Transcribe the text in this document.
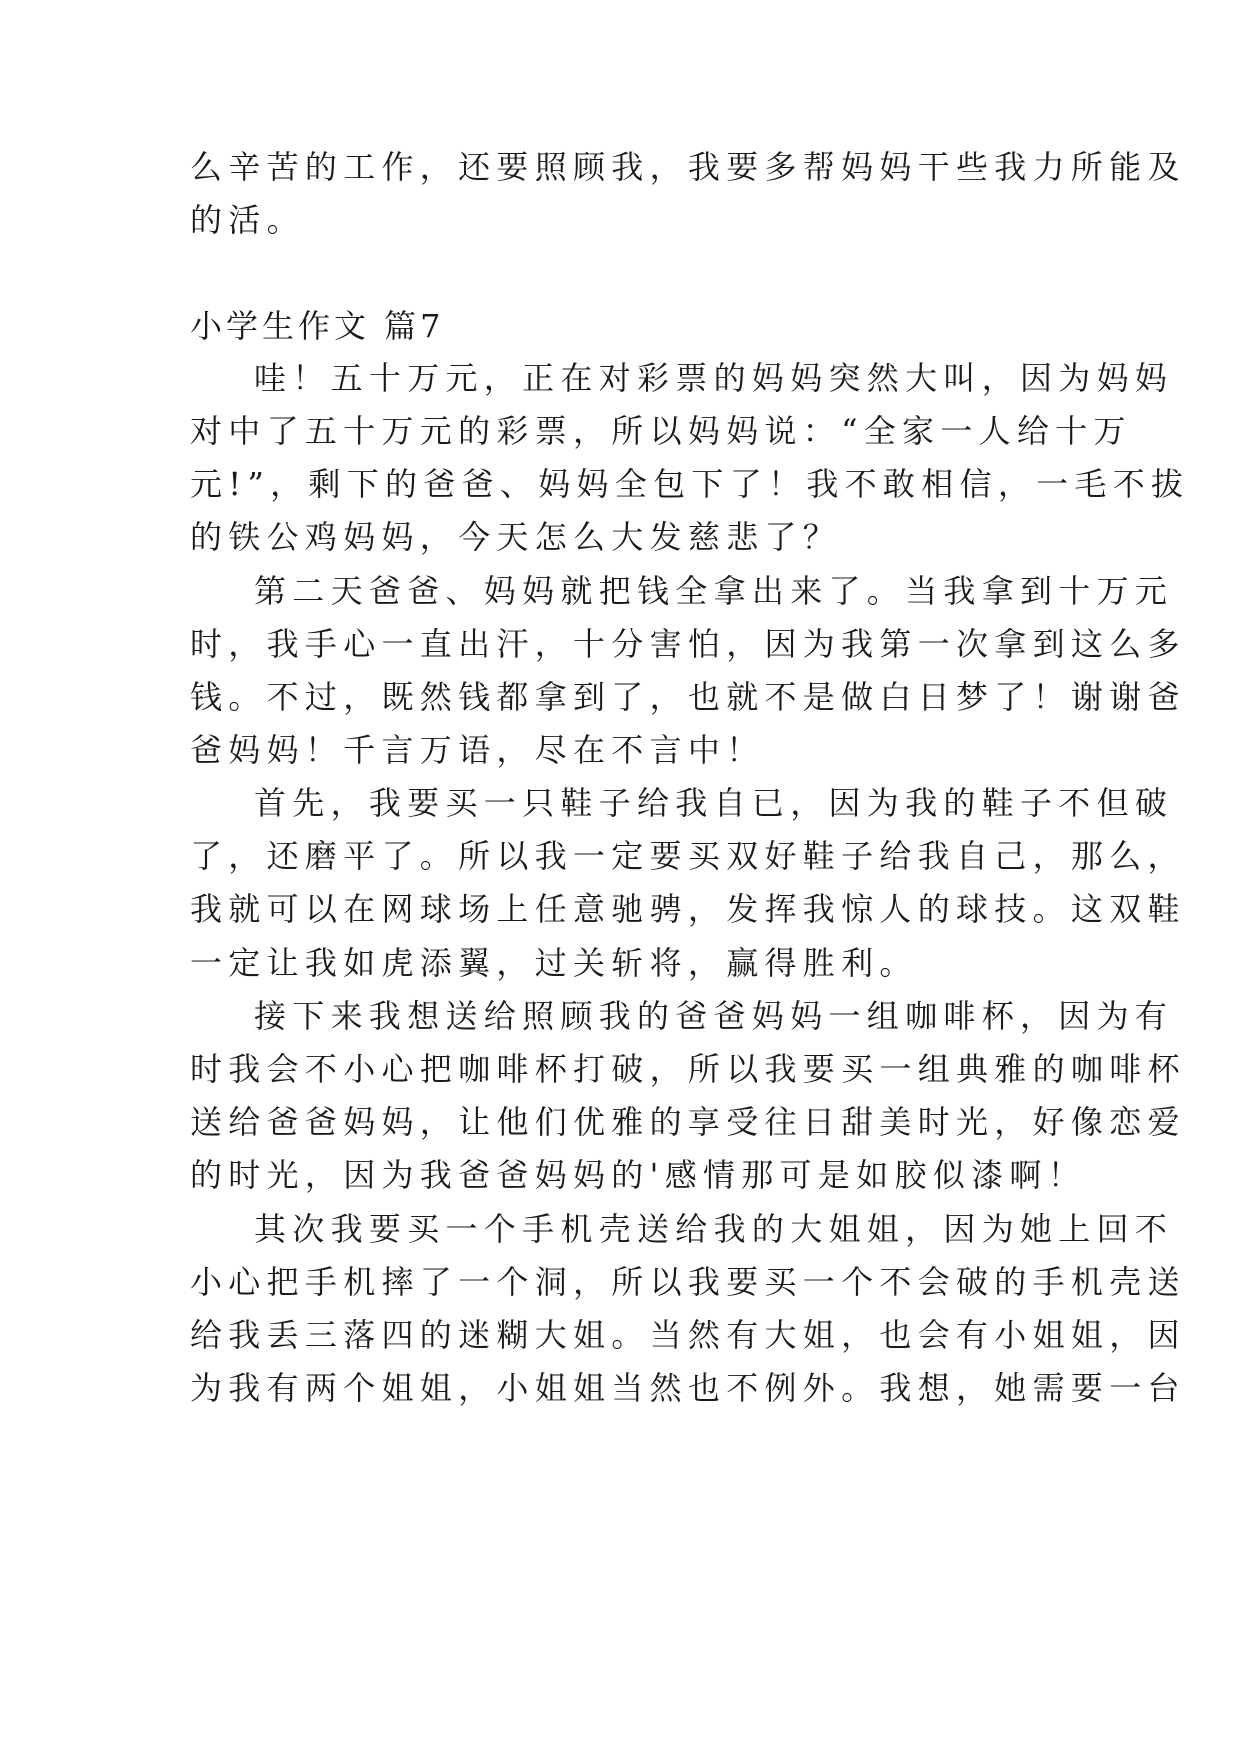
么辛苦的工作，还要照顾我，我要多帮妈妈干些我力所能及
的活。
小学生作文 篇7
哇！五十万元，正在对彩票的妈妈突然大叫，因为妈妈
对中了五十万元的彩票，所以妈妈说：“全家一人给十万
元!”，剩下的爸爸、妈妈全包下了！我不敢相信，一毛不拔
的铁公鸡妈妈，今天怎么大发慈悲了？
第二天爸爸、妈妈就把钱全拿出来了。当我拿到十万元
时，我手心一直出汗，十分害怕，因为我第一次拿到这么多
钱。不过，既然钱都拿到了，也就不是做白日梦了！谢谢爸
爸妈妈！千言万语，尽在不言中！
首先，我要买一只鞋子给我自已，因为我的鞋子不但破
了，还磨平了。所以我一定要买双好鞋子给我自己，那么，
我就可以在网球场上任意驰骋，发挥我惊人的球技。这双鞋
一定让我如虎添翼，过关斩将，赢得胜利。
接下来我想送给照顾我的爸爸妈妈一组咖啡杯，因为有
时我会不小心把咖啡杯打破，所以我要买一组典雅的咖啡杯
送给爸爸妈妈，让他们优雅的享受往日甜美时光，好像恋爱
的时光，因为我爸爸妈妈的'感情那可是如胶似漆啊！
其次我要买一个手机壳送给我的大姐姐，因为她上回不
小心把手机摔了一个洞，所以我要买一个不会破的手机壳送
给我丢三落四的迷糊大姐。当然有大姐，也会有小姐姐，因
为我有两个姐姐，小姐姐当然也不例外。我想，她需要一台
